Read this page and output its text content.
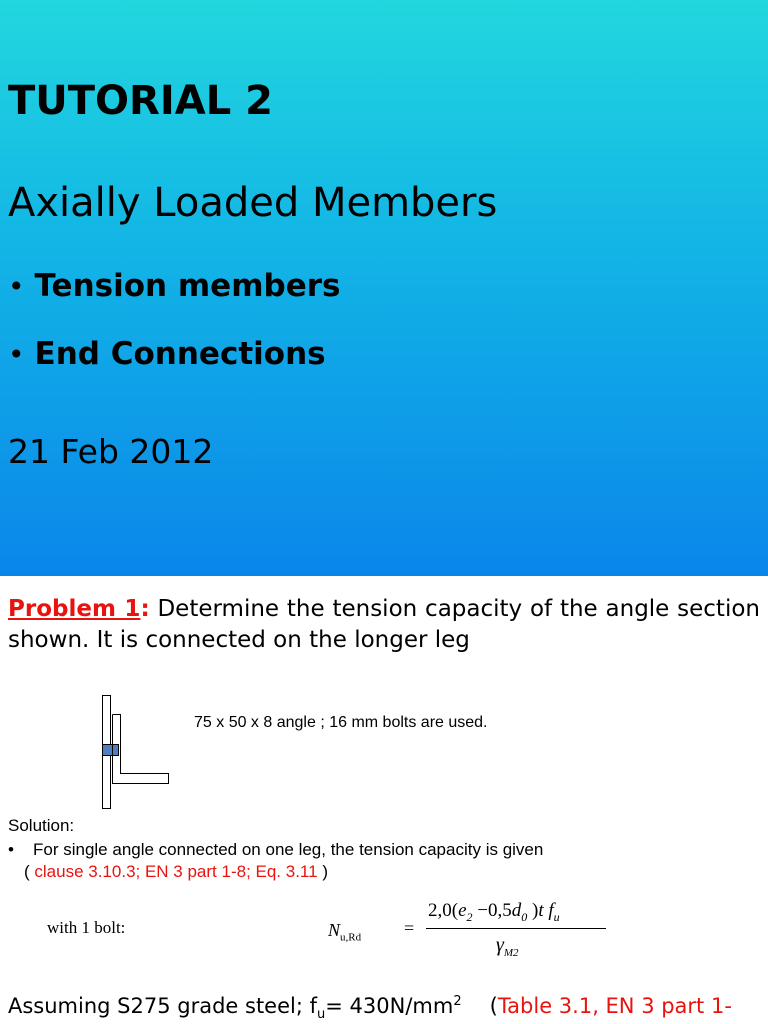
TUTORIAL 2
Axially Loaded Members
• Tension members
• End Connections
21 Feb 2012
Problem 1: Determine the tension capacity of the angle section shown. It is connected on the longer leg
75 x 50 x 8 angle ; 16 mm bolts are used.
Solution:
• For single angle connected on one leg, the tension capacity is given
( clause 3.10.3; EN 3 part 1-8; Eq. 3.11 )
with 1 bolt:	$N_{u,Rd}$ =
$2,0(e_2 -0,5d_0$ )t $f_u$
$\gamma_{M2}$
Assuming S275 grade steel; $f_u= 430N/mm^2$ (Table 3.1, EN 3 part 1-
